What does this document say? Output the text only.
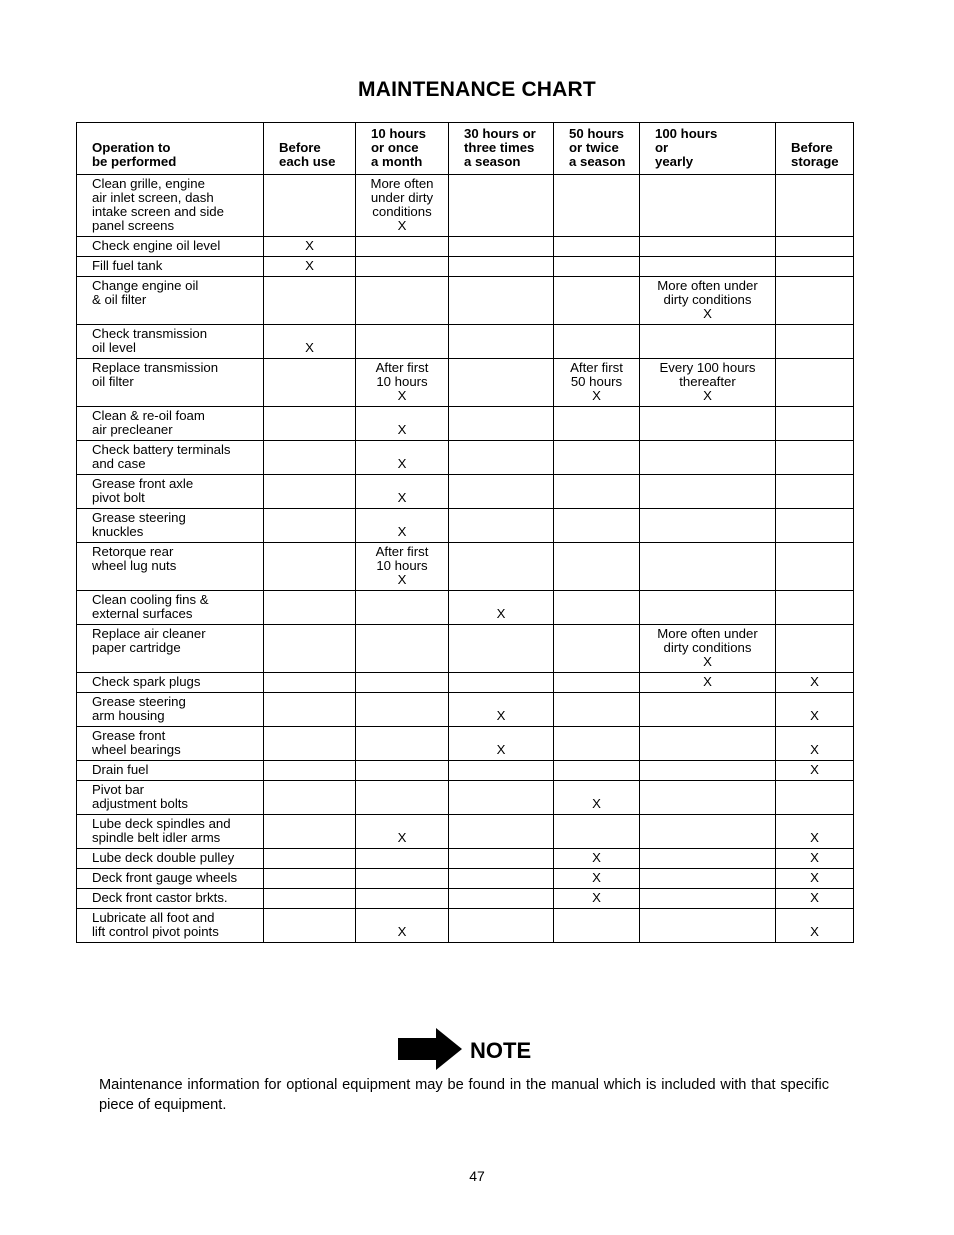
MAINTENANCE CHART
Operation to
be performed	Before
each use	10 hours
or once
a month	30 hours or
three times
a season	50 hours
or twice
a season	100 hours
or
yearly	Before
storage
Clean grille, engine
air inlet screen, dash
intake screen and side
panel screens		More often
under dirty
conditions
X				
Check engine oil level	X					
Fill fuel tank	X					
Change engine oil
& oil filter					More often under
dirty conditions
X	
Check transmission
oil level	X					
Replace transmission
oil filter		After first
10 hours
X		After first
50 hours
X	Every 100 hours
thereafter
X	
Clean & re-oil foam
air precleaner		X				
Check battery terminals
and case		X				
Grease front axle
pivot bolt		X				
Grease steering
knuckles		X				
Retorque rear
wheel lug nuts		After first
10 hours
X				
Clean cooling fins &
external surfaces			X			
Replace air cleaner
paper cartridge					More often under
dirty conditions
X	
Check spark plugs					X	X
Grease steering
arm housing			X			X
Grease front
wheel bearings			X			X
Drain fuel						X
Pivot bar
adjustment bolts				X		
Lube deck spindles and
spindle belt idler arms		X				X
Lube deck double pulley				X		X
Deck front gauge wheels				X		X
Deck front castor brkts.				X		X
Lubricate all foot and
lift control pivot points		X				X
NOTE
Maintenance information for optional equipment may be found in the manual which is included with that specific piece of equipment.
47
